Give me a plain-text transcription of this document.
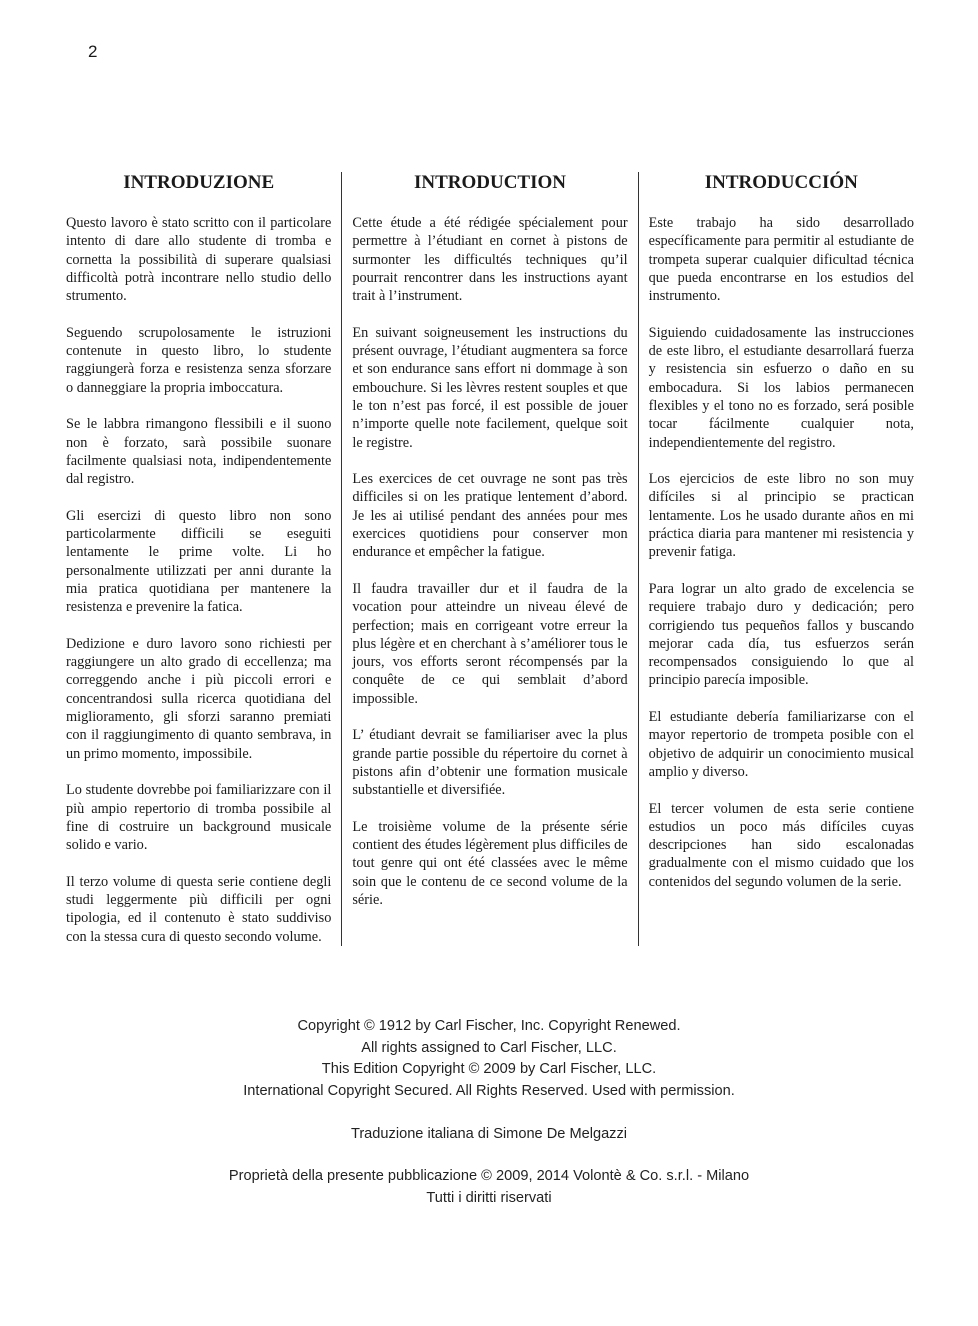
2
INTRODUZIONE

Questo lavoro è stato scritto con il particolare intento di dare allo studente di tromba e cornetta la possibilità di superare qualsiasi difficoltà potrà incontrare nello studio dello strumento.

Seguendo scrupolosamente le istruzioni contenute in questo libro, lo studente raggiungerà forza e resistenza senza sforzare o danneggiare la propria imboccatura.

Se le labbra rimangono flessibili e il suono non è forzato, sarà possibile suonare facilmente qualsiasi nota, indipendentemente dal registro.

Gli esercizi di questo libro non sono particolarmente difficili se eseguiti lentamente le prime volte. Li ho personalmente utilizzati per anni durante la mia pratica quotidiana per mantenere la resistenza e prevenire la fatica.

Dedizione e duro lavoro sono richiesti per raggiungere un alto grado di eccellenza; ma correggendo anche i più piccoli errori e concentrandosi sulla ricerca quotidiana del miglioramento, gli sforzi saranno premiati con il raggiungimento di quanto sembrava, in un primo momento, impossibile.

Lo studente dovrebbe poi familiarizzare con il più ampio repertorio di tromba possibile al fine di costruire un background musicale solido e vario.

Il terzo volume di questa serie contiene degli studi leggermente più difficili per ogni tipologia, ed il contenuto è stato suddiviso con la stessa cura di questo secondo volume.

INTRODUCTION

Cette étude a été rédigée spécialement pour permettre à l’étudiant en cornet à pistons de surmonter les difficultés techniques qu’il pourrait rencontrer dans les instructions ayant trait à l’instrument.

En suivant soigneusement les instructions du présent ouvrage, l’étudiant augmentera sa force et son endurance sans effort ni dommage à son embouchure. Si les lèvres restent souples et que le ton n’est pas forcé, il est possible de jouer n’importe quelle note facilement, quelque soit le registre.

Les exercices de cet ouvrage ne sont pas très difficiles si on les pratique lentement d’abord. Je les ai utilisé pendant des années pour mes exercices quotidiens pour conserver mon endurance et empêcher la fatigue.

Il faudra travailler dur et il faudra de la vocation pour atteindre un niveau élevé de perfection; mais en corrigeant votre erreur la plus légère et en cherchant à s’améliorer tous le jours, vos efforts seront récompensés par la conquête de ce qui semblait d’abord impossible.

L’ étudiant devrait se familiariser avec la plus grande partie possible du répertoire du cornet à pistons afin d’obtenir une formation musicale substantielle et diversifiée.

Le troisième volume de la présente série contient des études légèrement plus difficiles de tout genre qui ont été classées avec le même soin que le contenu de ce second volume de la série.

INTRODUCCIÓN

Este trabajo ha sido desarrollado específicamente para permitir al estudiante de trompeta superar cualquier dificultad técnica que pueda encontrarse en los estudios del instrumento.

Siguiendo cuidadosamente las instrucciones de este libro, el estudiante desarrollará fuerza y resistencia sin esfuerzo o daño en su embocadura. Si los labios permanecen flexibles y el tono no es forzado, será posible tocar fácilmente cualquier nota, independientemente del registro.

Los ejercicios de este libro no son muy difíciles si al principio se practican lentamente. Los he usado durante años en mi práctica diaria para mantener mi resistencia y prevenir fatiga.

Para lograr un alto grado de excelencia se requiere trabajo duro y dedicación; pero corrigiendo tus pequeños fallos y buscando mejorar cada día, tus esfuerzos serán recompensados consiguiendo lo que al principio parecía imposible.

El estudiante debería familiarizarse con el mayor repertorio de trompeta posible con el objetivo de adquirir un conocimiento musical amplio y diverso.

El tercer volumen de esta serie contiene estudios un poco más difíciles cuyas descripciones han sido escalonadas gradualmente con el mismo cuidado que los contenidos del segundo volumen de la serie.

Copyright © 1912 by Carl Fischer, Inc. Copyright Renewed.
All rights assigned to Carl Fischer, LLC.
This Edition Copyright © 2009 by Carl Fischer, LLC.
International Copyright Secured. All Rights Reserved. Used with permission.
Traduzione italiana di Simone De Melgazzi
Proprietà della presente pubblicazione © 2009, 2014 Volontè & Co. s.r.l. - Milano
Tutti i diritti riservati
